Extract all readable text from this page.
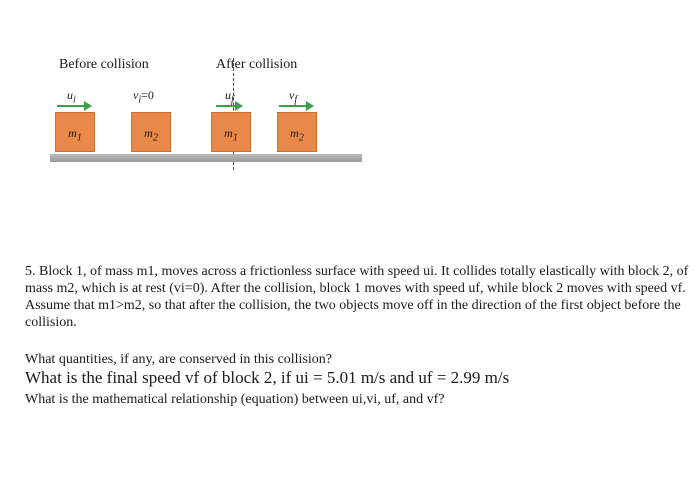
Before collision	After collision
$u_i$	$v_i=0$
$m_1$	$m_2$
$u_f$	$v_f$
$m_1$	$m_2$

5. Block 1, of mass m1, moves across a frictionless surface with speed ui. It collides totally elastically with block 2, of mass m2, which is at rest (vi=0). After the collision, block 1 moves with speed uf, while block 2 moves with speed vf. Assume that m1>m2, so that after the collision, the two objects move off in the direction of the first object before the collision.

What quantities, if any, are conserved in this collision?
What is the final speed vf of block 2, if ui = 5.01 m/s and uf = 2.99 m/s
What is the mathematical relationship (equation) between ui,vi, uf, and vf?
